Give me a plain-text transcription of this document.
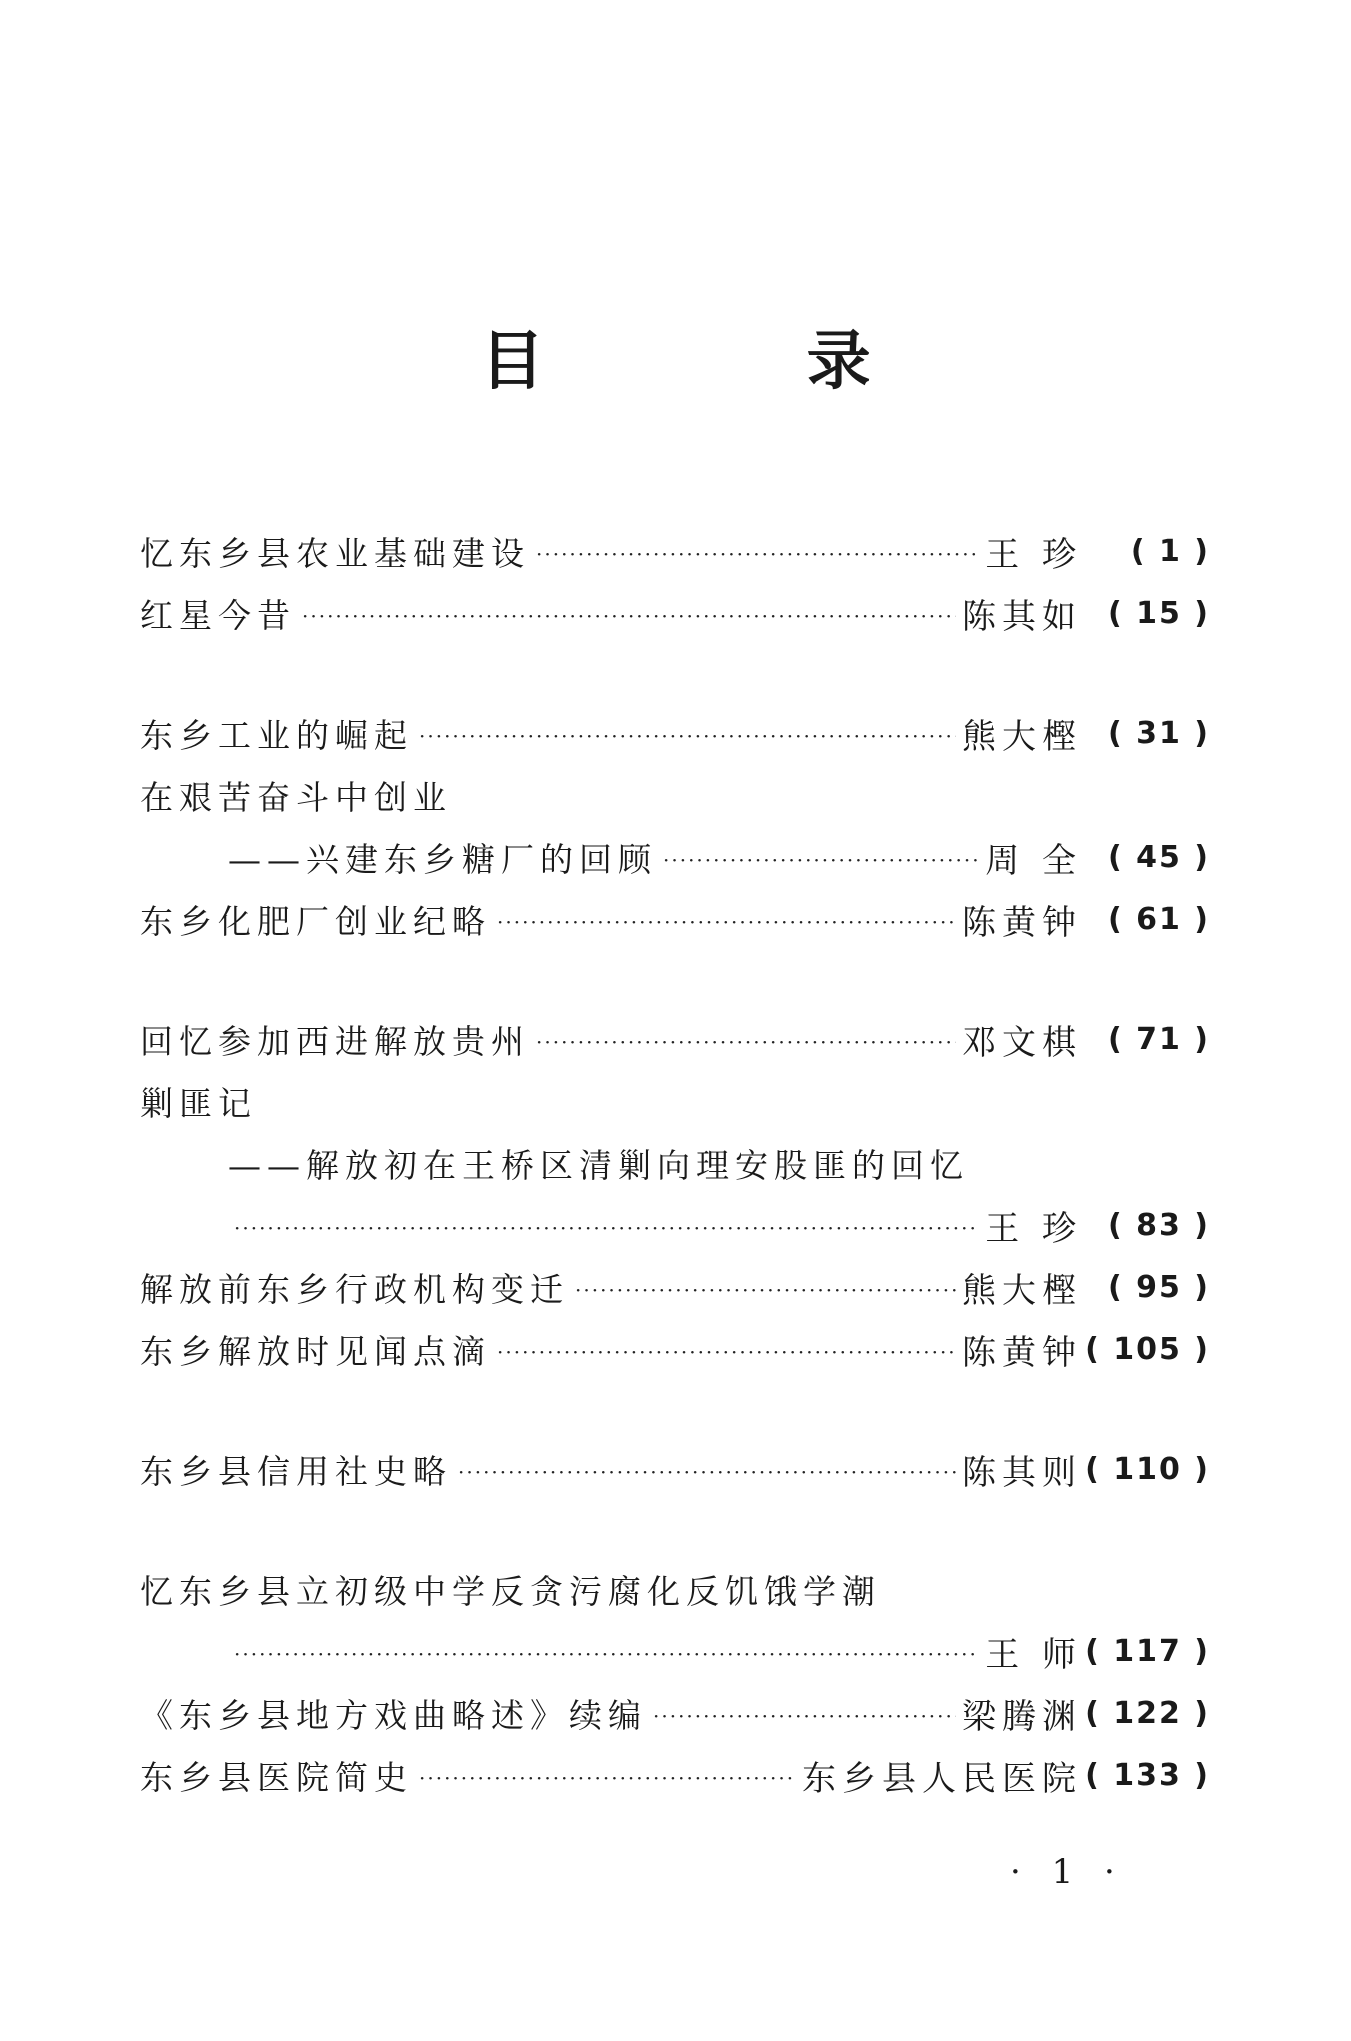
目 录
忆东乡县农业基础建设 ·····	王 珍	( 1 )
红星今昔 ·····	陈其如 ( 15 )
东乡工业的崛起 ·····	熊大樫 ( 31 )
在艰苦奋斗中创业
——兴建东乡糖厂的回顾 ·····	周 全 ( 45 )
东乡化肥厂创业纪略 ·····	陈黄钟 ( 61 )
回忆参加西进解放贵州 ·····	邓文棋 ( 71 )
剿匪记
——解放初在王桥区清剿向理安股匪的回忆
·····
王 珍 ( 83 )
解放前东乡行政机构变迁 ·····	熊大樫 ( 95 )
东乡解放时见闻点滴 ·····	陈黄钟 ( 105 )
东乡县信用社史略 ·····	陈其则 ( 110 )
忆东乡县立初级中学反贪污腐化反饥饿学潮
·····
王 师 ( 117 )
《东乡县地方戏曲略述》续编 ·····	梁腾渊 ( 122 )
东乡县医院简史 ·····	东乡县人民医院 ( 133 )
· 1 ·
